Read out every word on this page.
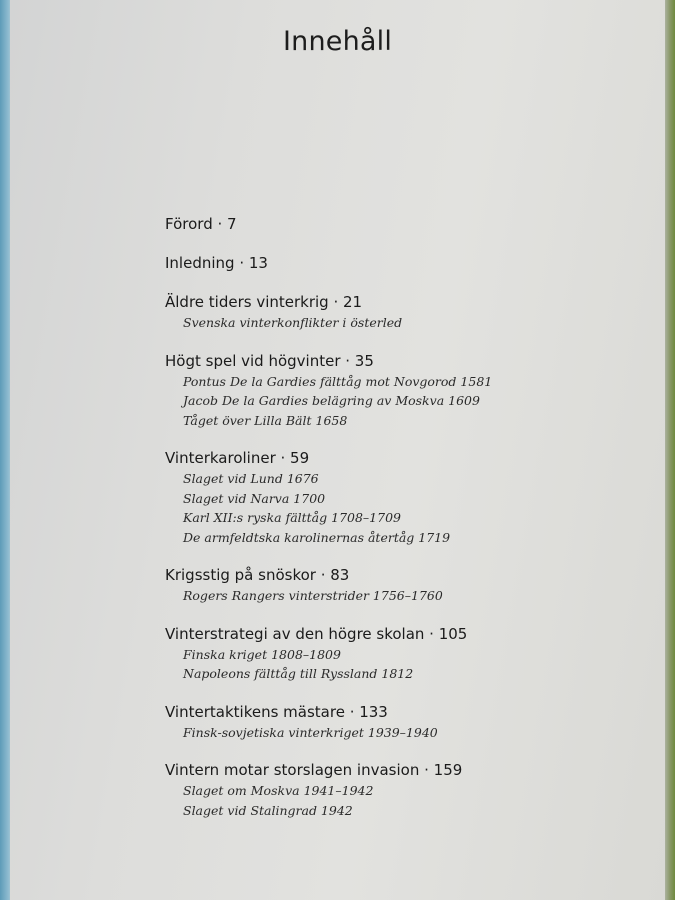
Innehåll
Förord · 7
Inledning · 13
Äldre tiders vinterkrig · 21
Svenska vinterkonflikter i österled
Högt spel vid högvinter · 35
Pontus De la Gardies fälttåg mot Novgorod 1581
Jacob De la Gardies belägring av Moskva 1609
Tåget över Lilla Bält 1658
Vinterkaroliner · 59
Slaget vid Lund 1676
Slaget vid Narva 1700
Karl XII:s ryska fälttåg 1708–1709
De armfeldtska karolinernas återtåg 1719
Krigsstig på snöskor · 83
Rogers Rangers vinterstrider 1756–1760
Vinterstrategi av den högre skolan · 105
Finska kriget 1808–1809
Napoleons fälttåg till Ryssland 1812
Vintertaktikens mästare · 133
Finsk-sovjetiska vinterkriget 1939–1940
Vintern motar storslagen invasion · 159
Slaget om Moskva 1941–1942
Slaget vid Stalingrad 1942
